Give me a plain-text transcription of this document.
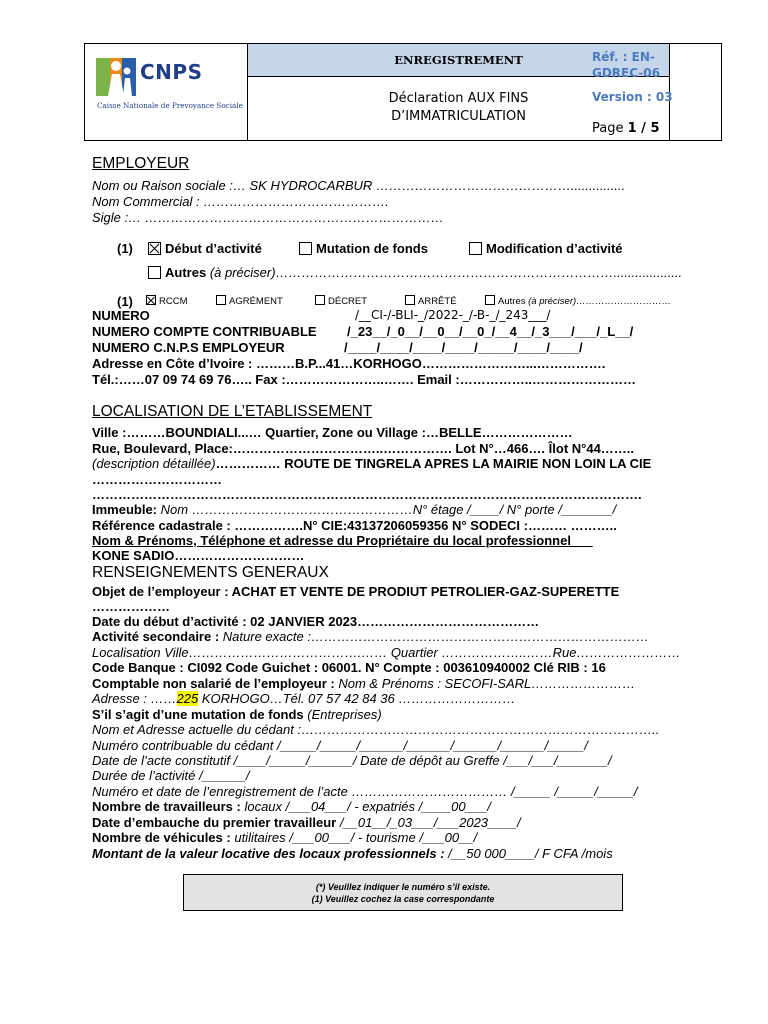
ENREGISTREMENT
Déclaration AUX FINS
D’IMMATRICULATION
CNPS
Caisse Nationale de Prevoyance Sociale
Réf. : EN-
GDREC-06
Version : 03
Page 1 / 5
EMPLOYEUR
Nom ou Raison sociale :… SK HYDROCARBUR ………………………………………...............
Nom Commercial : …………………………………….
Sigle :… ……………………………………………………………
(1)	Début d’activité	Mutation de fonds	Modification d’activité
Autres (à préciser)……………………………………………………………………...................
(1)	RCCM	AGRÉMENT	DÉCRET	ARRÊTÉ	Autres (à préciser)…………………………
NUMERO	/__CI-/-BLI-_/2022-_/-B-_/_243___/
NUMERO COMPTE CONTRIBUABLE /_23__/_0__/__0__/__0_/__4__/_3___/___/_L__/
NUMERO C.N.P.S EMPLOYEUR	/____/____/____/____/_____/____/____/
Adresse en Côte d’Ivoire : ………B.P...41…KORHOGO……………………...…………….
Tél.:……07 09 74 69 76….. Fax :…………………..……. Email :……………..……………………
LOCALISATION DE L’ETABLISSEMENT
Ville :………BOUNDIALI...… Quartier, Zone ou Village :…BELLE…………………
Rue, Boulevard, Place:……………………………..……………. Lot N°…466…. Îlot N°44……..
(description détaillée)…………… ROUTE DE TINGRELA APRES LA MAIRIE NON LOIN LA CIE
…………………………
……………………………………………………………………………………………………………….
Immeuble: Nom ……………………………………………N° étage /____/ N° porte /_______/
Référence cadastrale : …………….N° CIE:43137206059356 N° SODECI :……… ………..
Nom & Prénoms, Téléphone et adresse du Propriétaire du local professionnel___
KONE SADIO…………………………
RENSEIGNEMENTS GENERAUX
Objet de l’employeur : ACHAT ET VENTE DE PRODIUT PETROLIER-GAZ-SUPERETTE
………………
Date du début d’activité : 02 JANVIER 2023……………………………………
Activité secondaire : Nature exacte :……………………………………………………………………
Localisation Ville………………………………….…… Quartier ………………..……Rue……………………
Code Banque : CI092 Code Guichet : 06001. N° Compte : 003610940002 Clé RIB : 16
Comptable non salarié de l’employeur : Nom & Prénoms : SECOFI-SARL……………………
Adresse : ……225 KORHOGO…Tél. 07 57 42 84 36 ………………………
S’il s’agit d’une mutation de fonds (Entreprises)
Nom et Adresse actuelle du cédant :………………………………………………………………………..
Numéro contribuable du cédant /_____/_____/______/______/______/______/_____/
Date de l’acte constitutif /____/_____/______/ Date de dépôt au Greffe /___/___/_______/
Durée de l’activité /______/
Numéro et date de l’enregistrement de l’acte ……………………………… /_____ /_____/_____/
Nombre de travailleurs : locaux /___04___/ - expatriés /____00___/
Date d’embauche du premier travailleur /__01__/_03___/___2023____/
Nombre de véhicules : utilitaires /___00___/ - tourisme /___00__/
Montant de la valeur locative des locaux professionnels : /__50 000____/ F CFA /mois
(*) Veuillez indiquer le numéro s’il existe.
(1) Veuillez cochez la case correspondante
